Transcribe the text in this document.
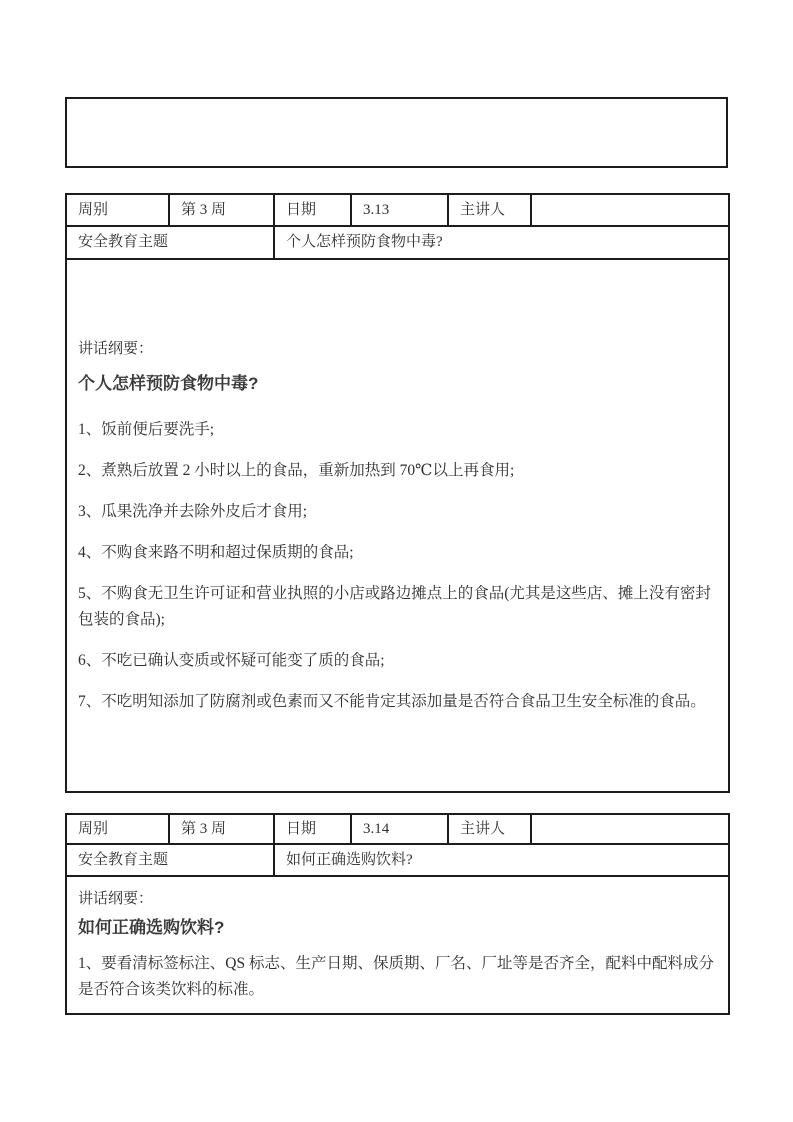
周别	第 3 周	日期	3.13	主讲人	
安全教育主题		个人怎样预防食物中毒?			

讲话纲要：

个人怎样预防食物中毒?

1、饭前便后要洗手;

2、煮熟后放置 2 小时以上的食品，重新加热到 70℃以上再食用;

3、瓜果洗净并去除外皮后才食用;

4、不购食来路不明和超过保质期的食品;

5、不购食无卫生许可证和营业执照的小店或路边摊点上的食品(尤其是这些店、摊上没有密封包装的食品);

6、不吃已确认变质或怀疑可能变了质的食品;

7、不吃明知添加了防腐剂或色素而又不能肯定其添加量是否符合食品卫生安全标准的食品。

周别	第 3 周	日期	3.14	主讲人	
安全教育主题		如何正确选购饮料?			

讲话纲要：

如何正确选购饮料?

1、要看清标签标注、QS 标志、生产日期、保质期、厂名、厂址等是否齐全，配料中配料成分是否符合该类饮料的标准。					
